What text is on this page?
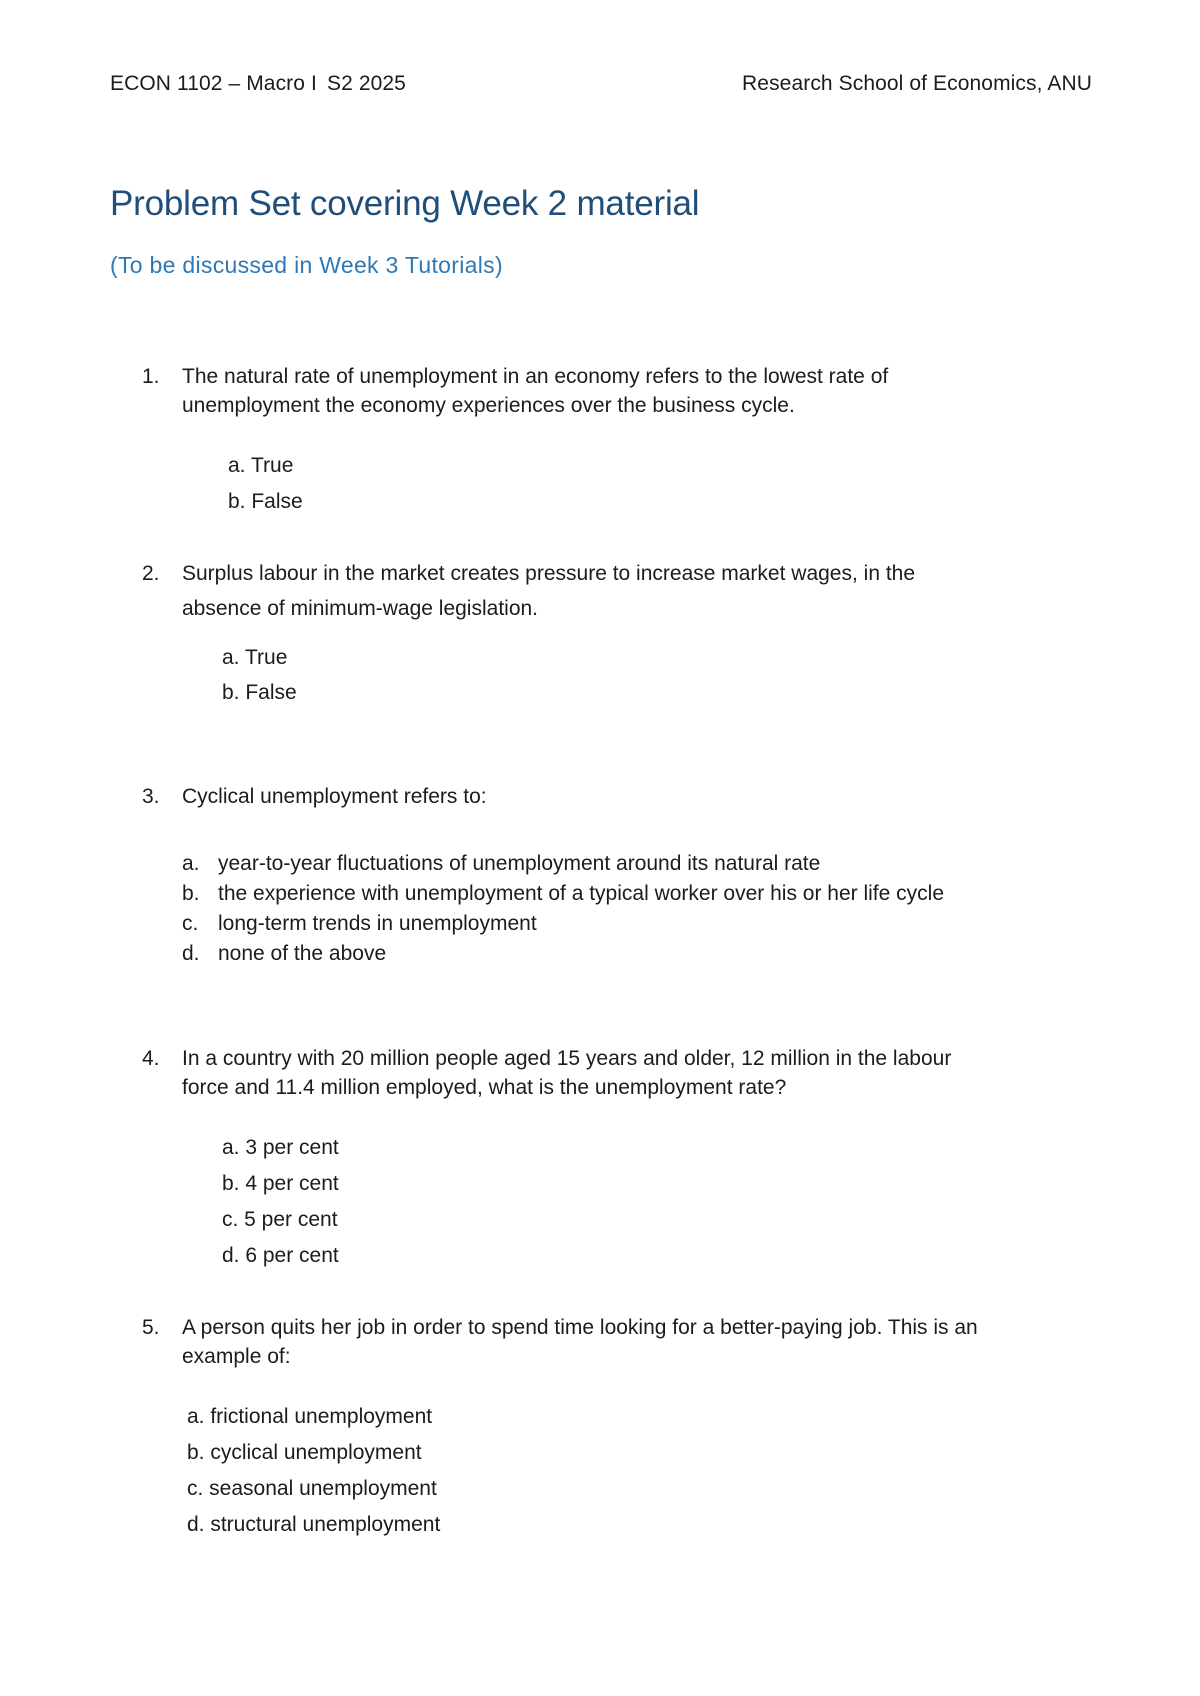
ECON 1102 – Macro I S2 2025	Research School of Economics, ANU
Problem Set covering Week 2 material
(To be discussed in Week 3 Tutorials)
1. The natural rate of unemployment in an economy refers to the lowest rate of
unemployment the economy experiences over the business cycle.
a. True
b. False
2. Surplus labour in the market creates pressure to increase market wages, in the
absence of minimum-wage legislation.
a. True
b. False
3. Cyclical unemployment refers to:
a. year-to-year fluctuations of unemployment around its natural rate
b. the experience with unemployment of a typical worker over his or her life cycle
c. long-term trends in unemployment
d. none of the above
4. In a country with 20 million people aged 15 years and older, 12 million in the labour
force and 11.4 million employed, what is the unemployment rate?
a. 3 per cent
b. 4 per cent
c. 5 per cent
d. 6 per cent
5. A person quits her job in order to spend time looking for a better-paying job. This is an
example of:
a. frictional unemployment
b. cyclical unemployment
c. seasonal unemployment
d. structural unemployment
